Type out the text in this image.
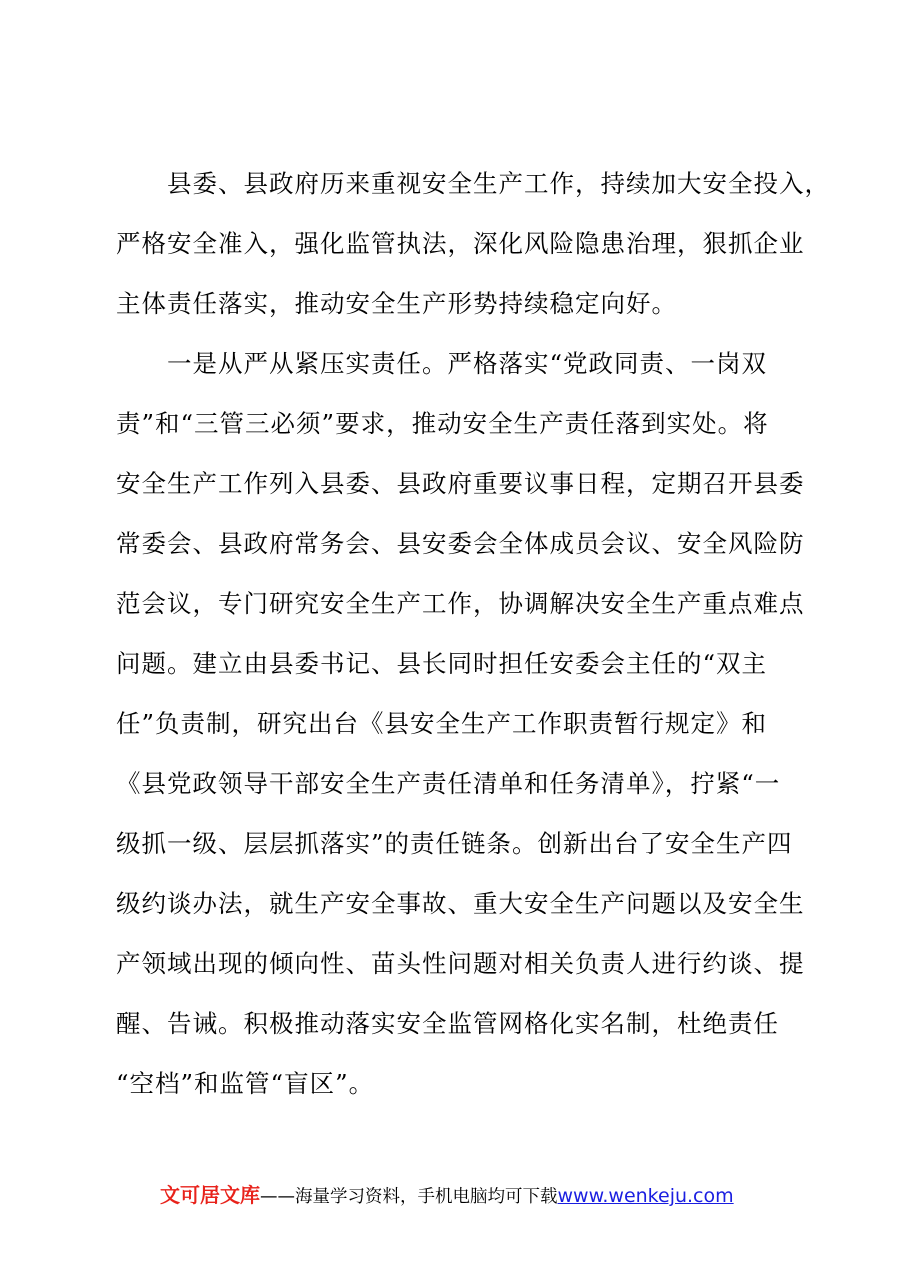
　　县委、县政府历来重视安全生产工作，持续加大安全投入，
严格安全准入，强化监管执法，深化风险隐患治理，狠抓企业
主体责任落实，推动安全生产形势持续稳定向好。
　　一是从严从紧压实责任。严格落实“党政同责、一岗双
责”和“三管三必须”要求，推动安全生产责任落到实处。将
安全生产工作列入县委、县政府重要议事日程，定期召开县委
常委会、县政府常务会、县安委会全体成员会议、安全风险防
范会议，专门研究安全生产工作，协调解决安全生产重点难点
问题。建立由县委书记、县长同时担任安委会主任的“双主
任”负责制，研究出台《县安全生产工作职责暂行规定》和
《县党政领导干部安全生产责任清单和任务清单》，拧紧“一
级抓一级、层层抓落实”的责任链条。创新出台了安全生产四
级约谈办法，就生产安全事故、重大安全生产问题以及安全生
产领域出现的倾向性、苗头性问题对相关负责人进行约谈、提
醒、告诫。积极推动落实安全监管网格化实名制，杜绝责任
“空档”和监管“盲区”。
文可居文库——海量学习资料，手机电脑均可下载www.wenkeju.com
